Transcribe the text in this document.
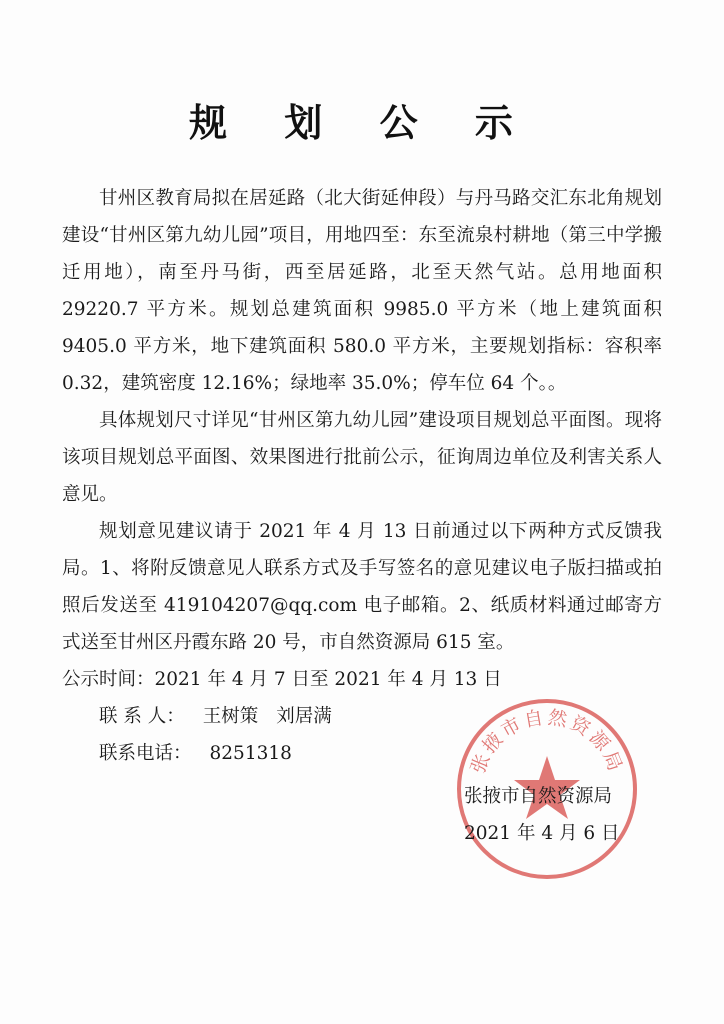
规 划 公 示

甘州区教育局拟在居延路（北大街延伸段）与丹马路交汇东北角规划建设“甘州区第九幼儿园”项目，用地四至：东至流泉村耕地（第三中学搬迁用地），南至丹马街，西至居延路，北至天然气站。总用地面积 29220.7 平方米。规划总建筑面积 9985.0 平方米（地上建筑面积 9405.0 平方米，地下建筑面积 580.0 平方米，主要规划指标：容积率 0.32，建筑密度 12.16%；绿地率 35.0%；停车位 64 个。。

具体规划尺寸详见“甘州区第九幼儿园”建设项目规划总平面图。现将该项目规划总平面图、效果图进行批前公示，征询周边单位及利害关系人意见。

规划意见建议请于 2021 年 4 月 13 日前通过以下两种方式反馈我局。1、将附反馈意见人联系方式及手写签名的意见建议电子版扫描或拍照后发送至 419104207@qq.com 电子邮箱。2、纸质材料通过邮寄方式送至甘州区丹霞东路 20 号，市自然资源局 615 室。

公示时间：2021 年 4 月 7 日至 2021 年 4 月 13 日

联 系 人： 王树策 刘居满

联系电话： 8251318	张掖市自然资源局
张掖市自然资源局
2021 年 4 月 6 日
